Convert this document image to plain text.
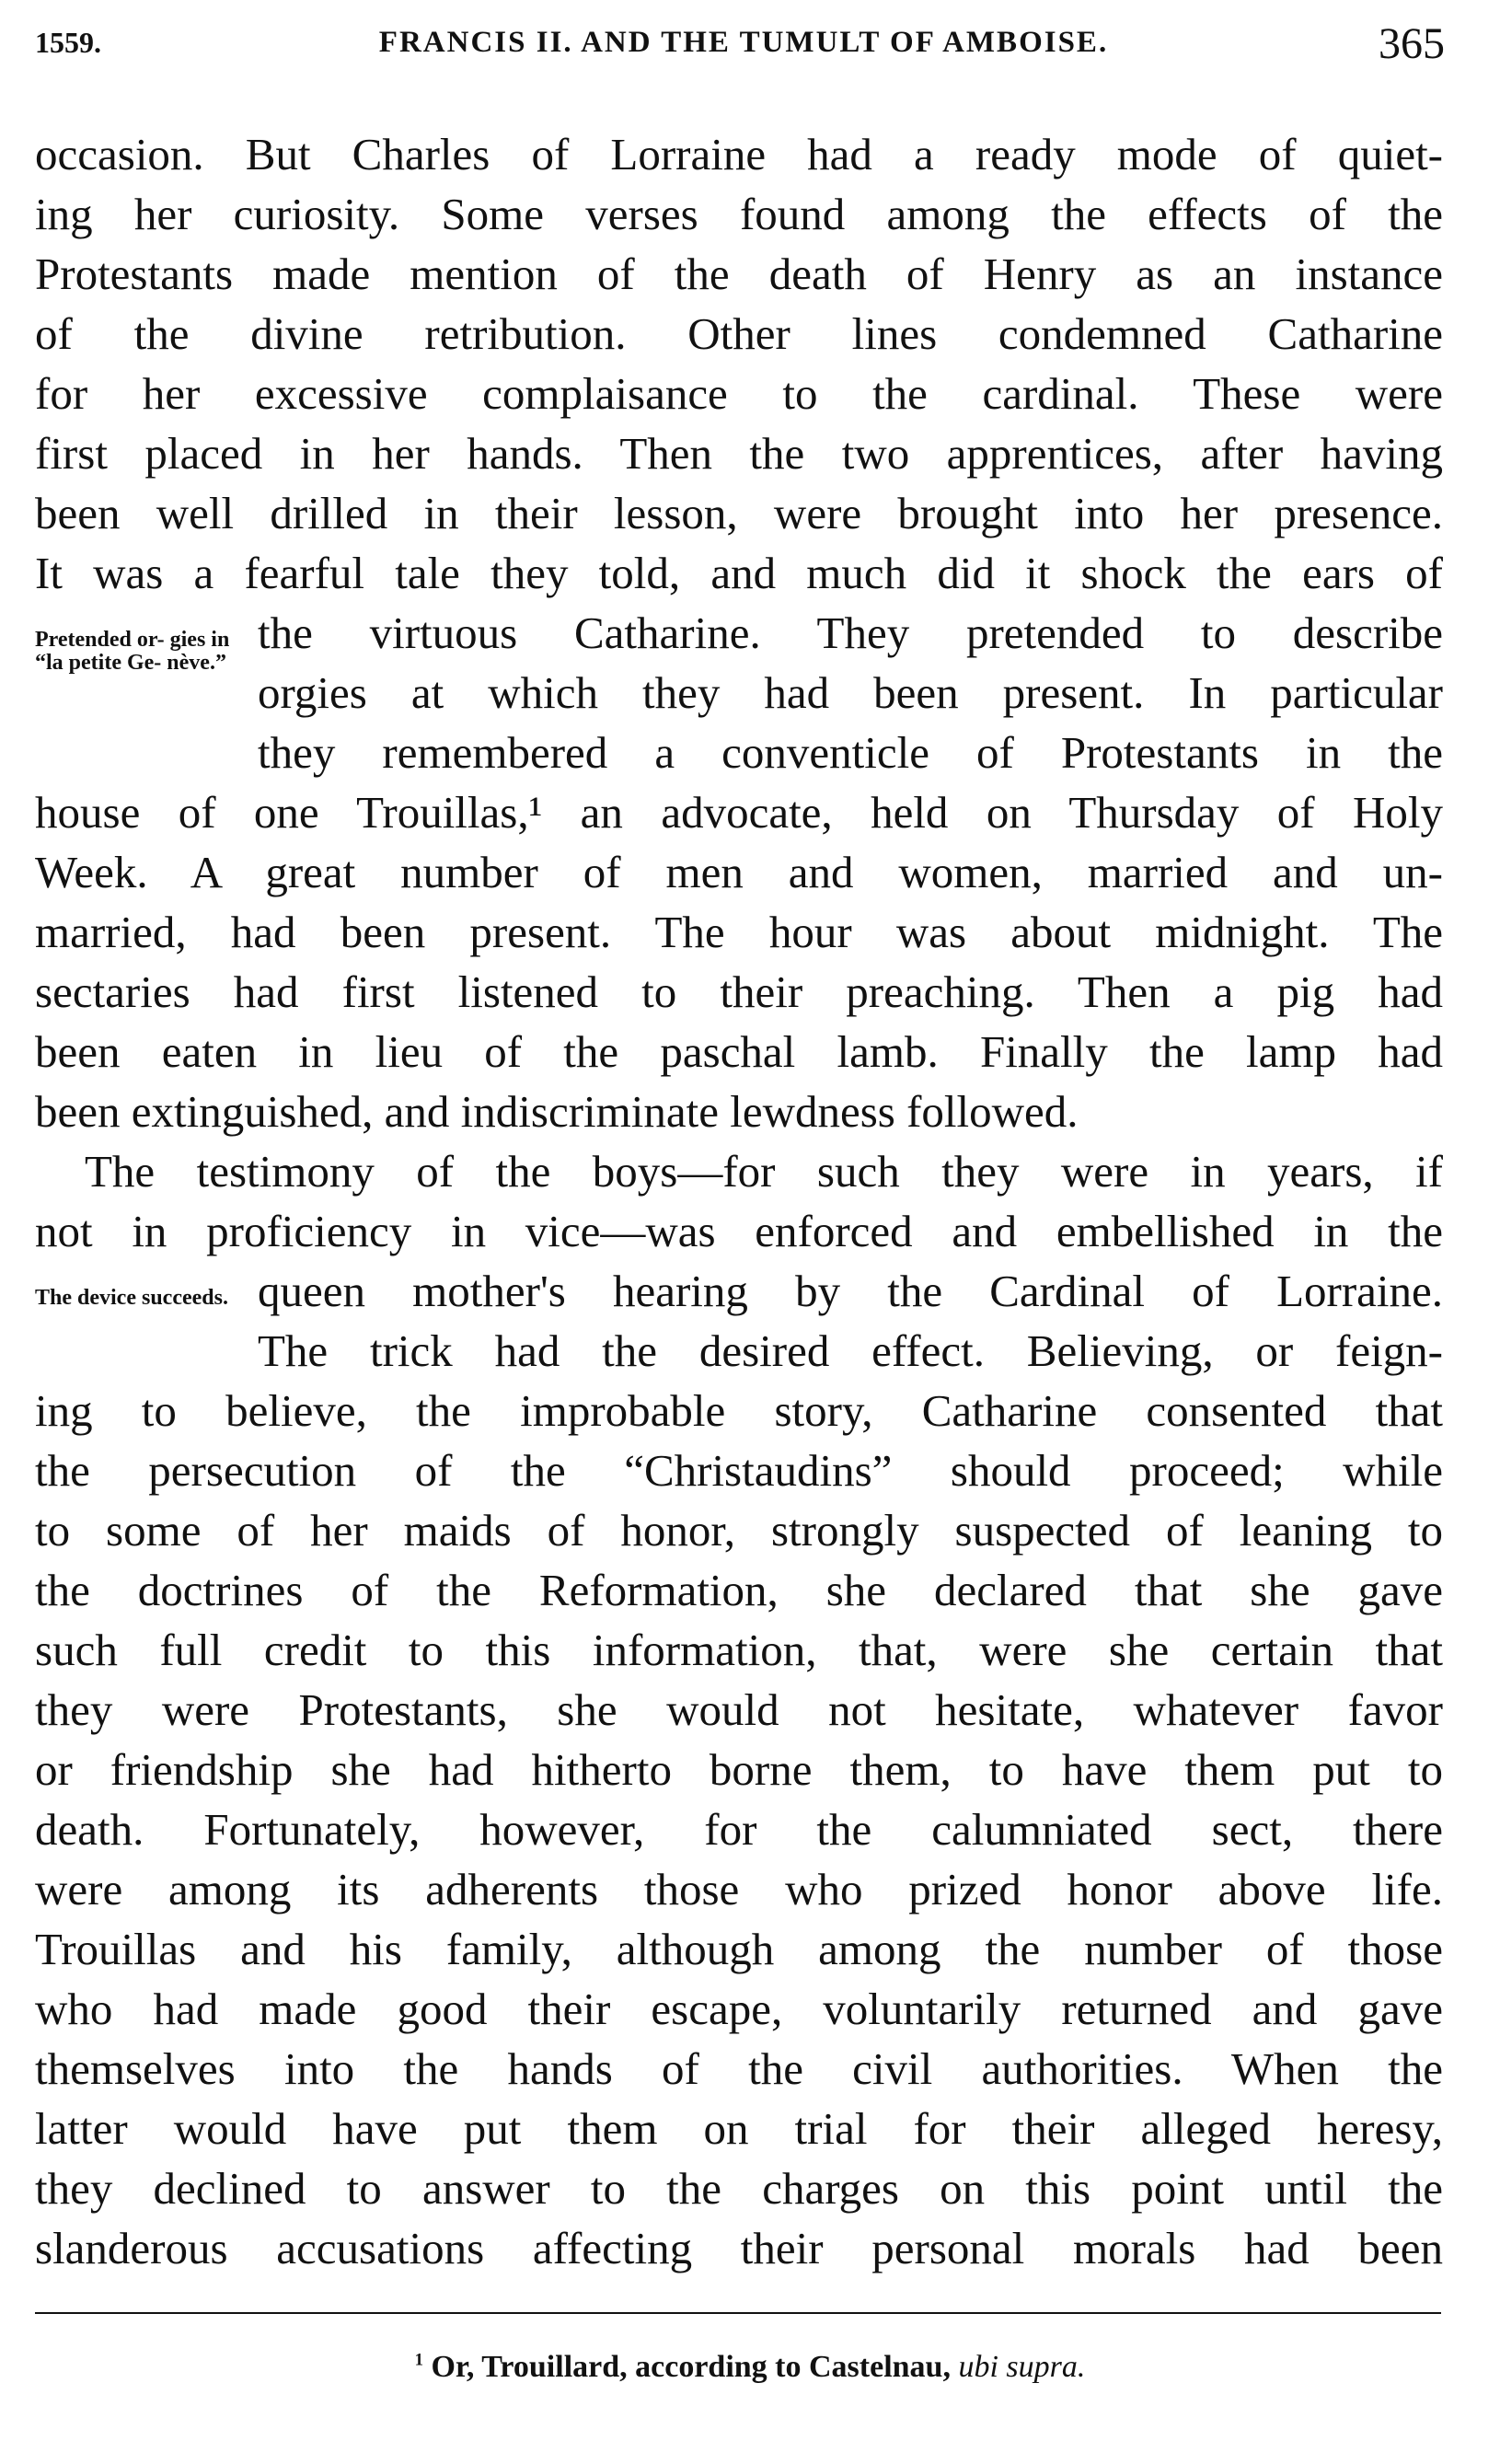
1559.	FRANCIS II. AND THE TUMULT OF AMBOISE.	365
occasion. But Charles of Lorraine had a ready mode of quiet-
ing her curiosity. Some verses found among the effects of the
Protestants made mention of the death of Henry as an instance
of the divine retribution. Other lines condemned Catharine
for her excessive complaisance to the cardinal. These were
first placed in her hands. Then the two apprentices, after having
been well drilled in their lesson, were brought into her presence.
It was a fearful tale they told, and much did it shock the ears of
the virtuous Catharine. They pretended to describe
orgies at which they had been present. In particular
they remembered a conventicle of Protestants in the
house of one Trouillas,¹ an advocate, held on Thursday of Holy
Week. A great number of men and women, married and un-
married, had been present. The hour was about midnight. The
sectaries had first listened to their preaching. Then a pig had
been eaten in lieu of the paschal lamb. Finally the lamp had
been extinguished, and indiscriminate lewdness followed.
The testimony of the boys—for such they were in years, if
not in proficiency in vice—was enforced and embellished in the
queen mother's hearing by the Cardinal of Lorraine.
The trick had the desired effect. Believing, or feign-
ing to believe, the improbable story, Catharine consented that
the persecution of the “Christaudins” should proceed; while
to some of her maids of honor, strongly suspected of leaning to
the doctrines of the Reformation, she declared that she gave
such full credit to this information, that, were she certain that
they were Protestants, she would not hesitate, whatever favor
or friendship she had hitherto borne them, to have them put to
death. Fortunately, however, for the calumniated sect, there
were among its adherents those who prized honor above life.
Trouillas and his family, although among the number of those
who had made good their escape, voluntarily returned and gave
themselves into the hands of the civil authorities. When the
latter would have put them on trial for their alleged heresy,
they declined to answer to the charges on this point until the
slanderous accusations affecting their personal morals had been
Pretended or- gies in “la petite Ge- nève.”
The device succeeds.
$^1$ Or, Trouillard, according to Castelnau, ubi supra.
